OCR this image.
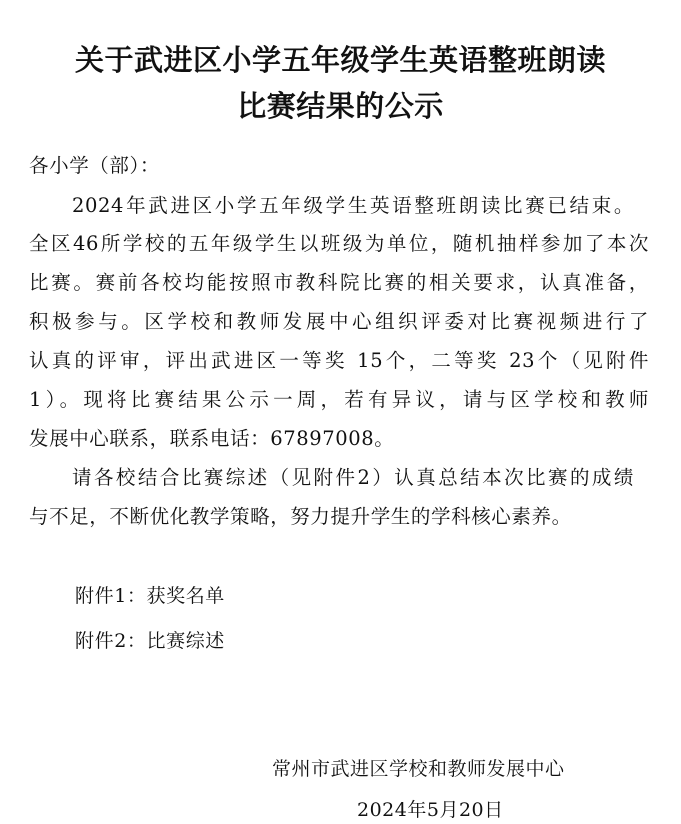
关于武进区小学五年级学生英语整班朗读
比赛结果的公示
各小学（部）：
2024年武进区小学五年级学生英语整班朗读比赛已结束。
全区46所学校的五年级学生以班级为单位，随机抽样参加了本次
比赛。赛前各校均能按照市教科院比赛的相关要求，认真准备，
积极参与。区学校和教师发展中心组织评委对比赛视频进行了
认真的评审，评出武进区一等奖 15个，二等奖 23个（见附件
1）。现将比赛结果公示一周，若有异议，请与区学校和教师
发展中心联系，联系电话：67897008。
请各校结合比赛综述（见附件2）认真总结本次比赛的成绩
与不足，不断优化教学策略，努力提升学生的学科核心素养。
附件1：获奖名单
附件2：比赛综述
常州市武进区学校和教师发展中心
2024年5月20日
